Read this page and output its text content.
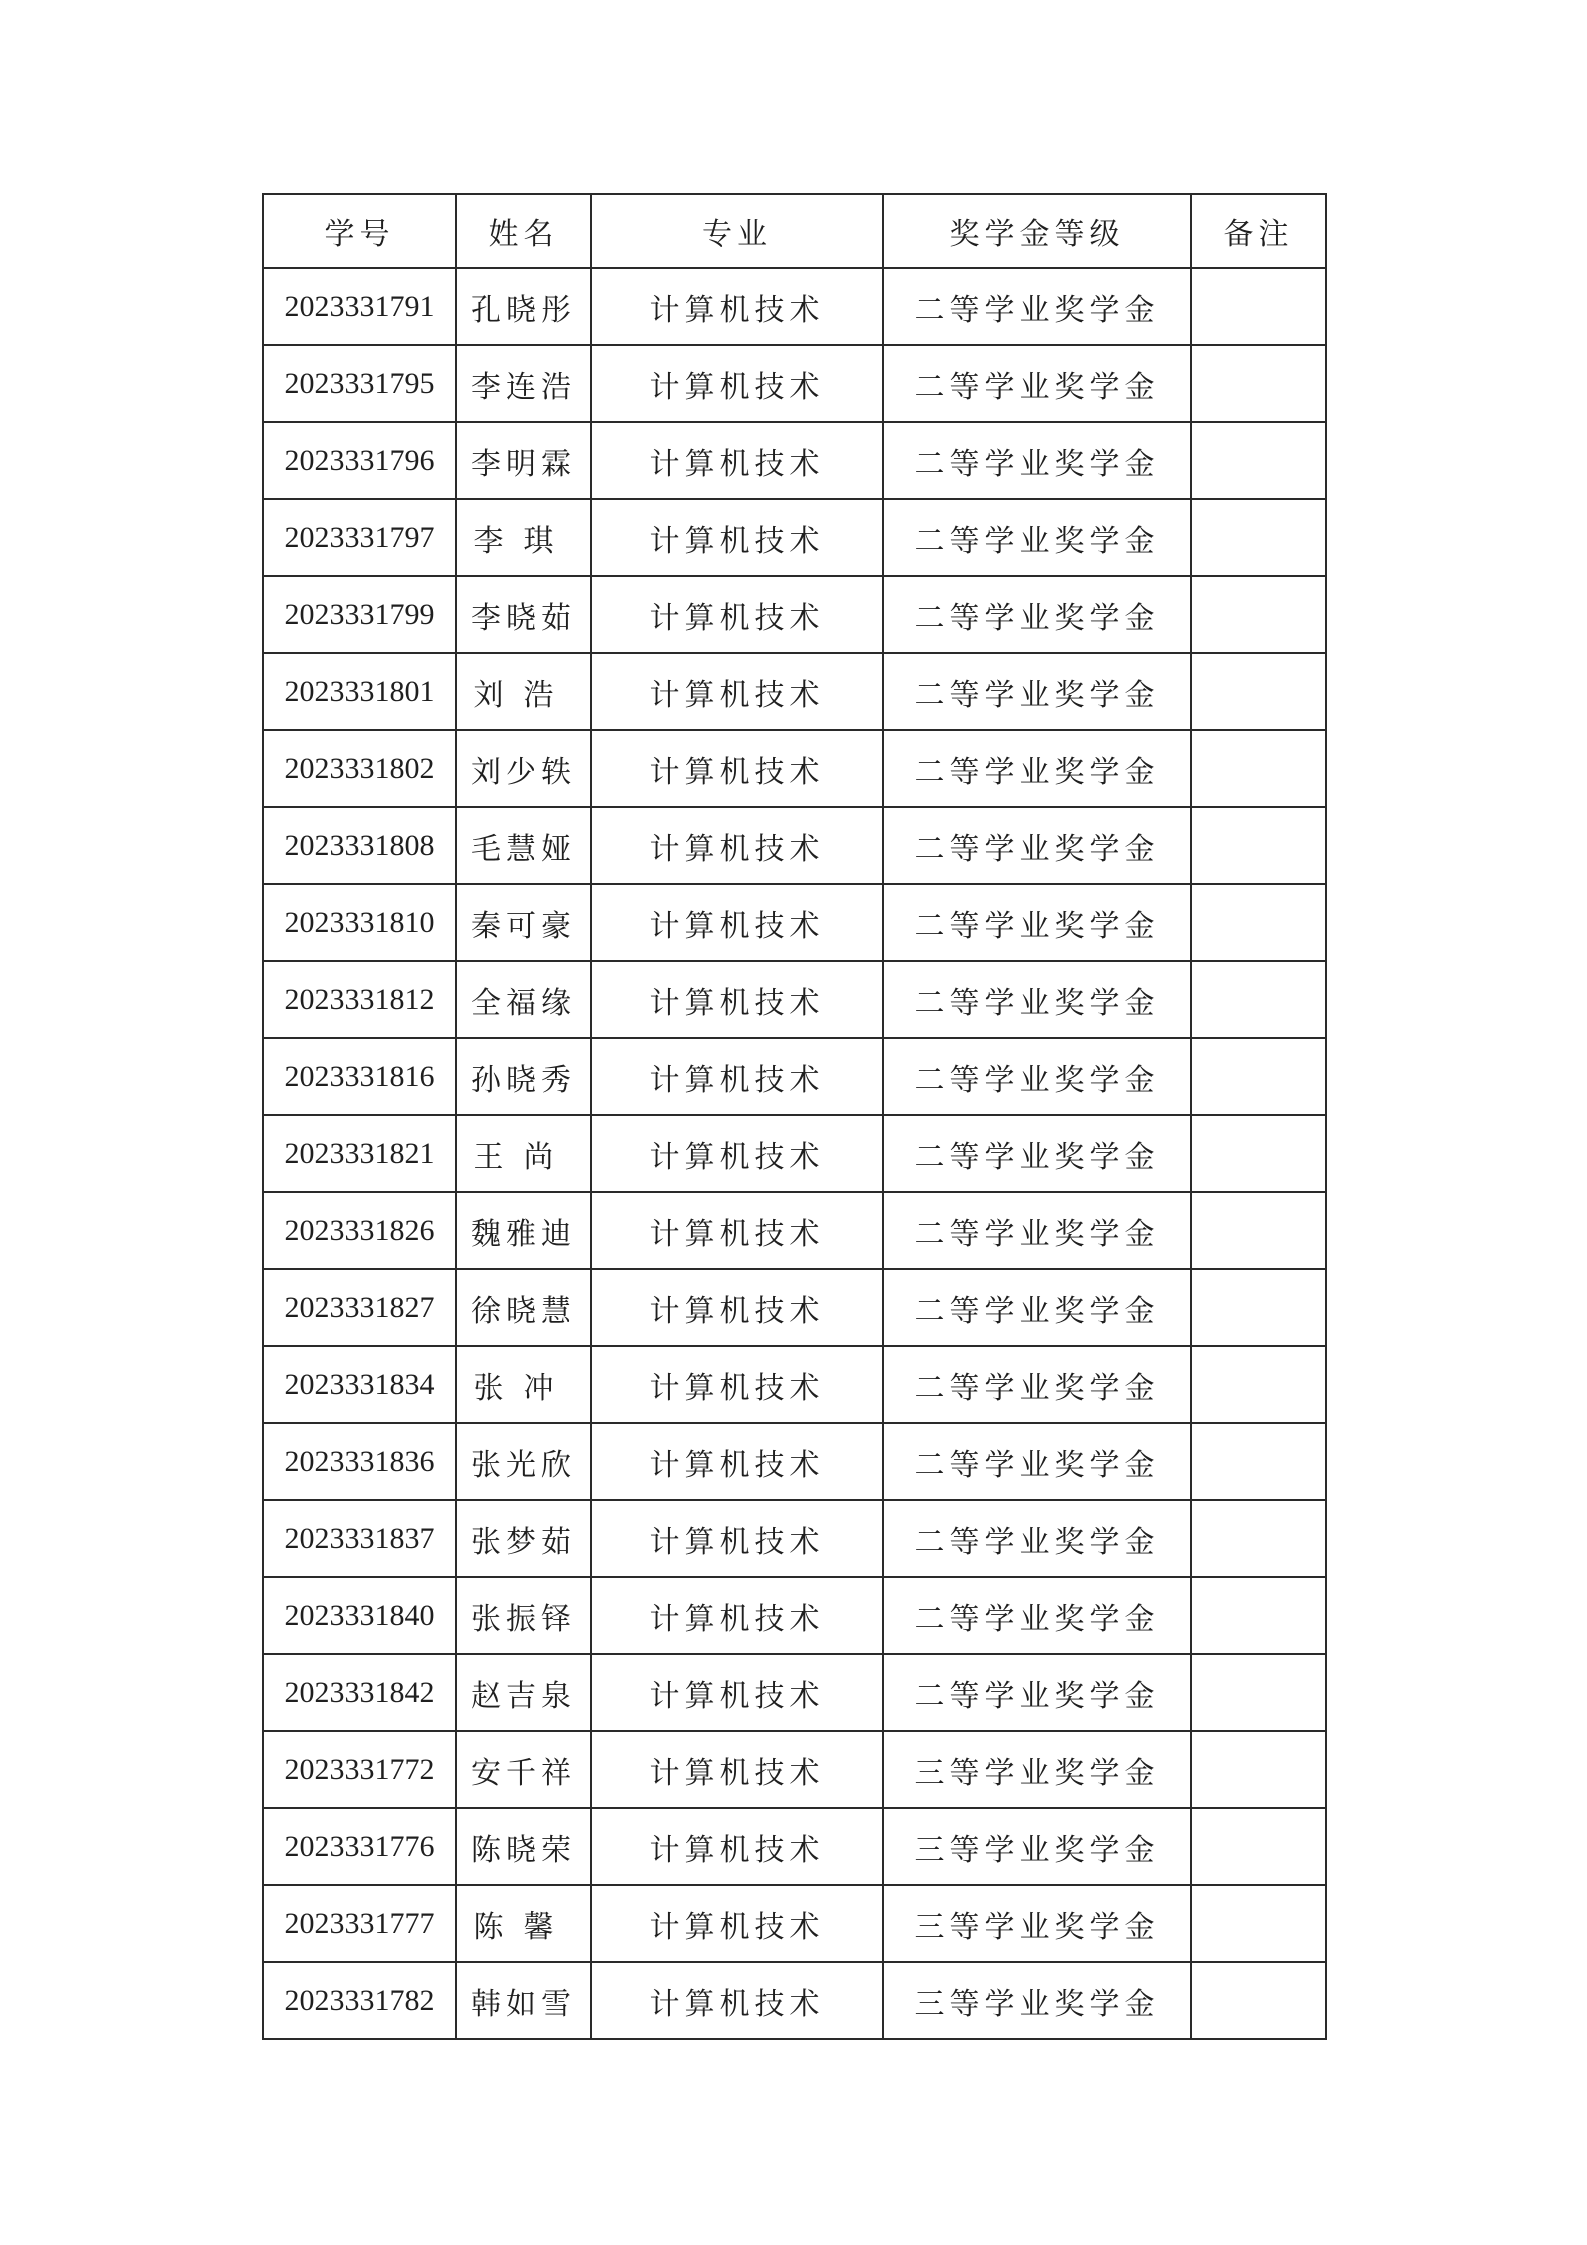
学号	姓名	专业	奖学金等级	备注
2023331791	孔晓彤	计算机技术	二等学业奖学金	
2023331795	李连浩	计算机技术	二等学业奖学金	
2023331796	李明霖	计算机技术	二等学业奖学金	
2023331797	李琪	计算机技术	二等学业奖学金	
2023331799	李晓茹	计算机技术	二等学业奖学金	
2023331801	刘浩	计算机技术	二等学业奖学金	
2023331802	刘少轶	计算机技术	二等学业奖学金	
2023331808	毛慧娅	计算机技术	二等学业奖学金	
2023331810	秦可豪	计算机技术	二等学业奖学金	
2023331812	全福缘	计算机技术	二等学业奖学金	
2023331816	孙晓秀	计算机技术	二等学业奖学金	
2023331821	王尚	计算机技术	二等学业奖学金	
2023331826	魏雅迪	计算机技术	二等学业奖学金	
2023331827	徐晓慧	计算机技术	二等学业奖学金	
2023331834	张冲	计算机技术	二等学业奖学金	
2023331836	张光欣	计算机技术	二等学业奖学金	
2023331837	张梦茹	计算机技术	二等学业奖学金	
2023331840	张振铎	计算机技术	二等学业奖学金	
2023331842	赵吉泉	计算机技术	二等学业奖学金	
2023331772	安千祥	计算机技术	三等学业奖学金	
2023331776	陈晓荣	计算机技术	三等学业奖学金	
2023331777	陈馨	计算机技术	三等学业奖学金	
2023331782	韩如雪	计算机技术	三等学业奖学金	
